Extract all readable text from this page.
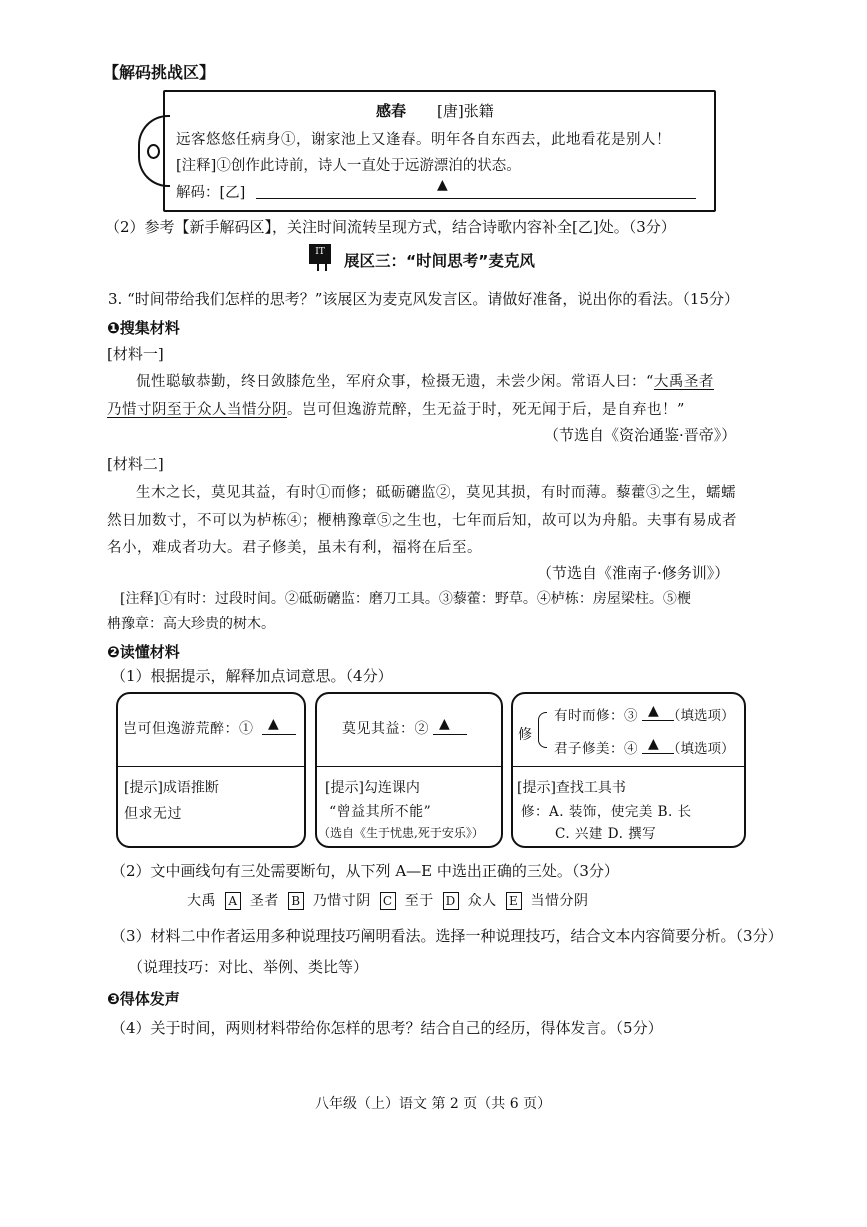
【解码挑战区】
感春 [唐]张籍
远客悠悠任病身①，谢家池上又逢春。明年各自东西去，此地看花是别人！
[注释]①创作此诗前，诗人一直处于远游漂泊的状态。
解码：[乙]	▲
（2）参考【新手解码区】，关注时间流转呈现方式，结合诗歌内容补全[乙]处。（3分）
IT	展区三：“时间思考”麦克风
3. “时间带给我们怎样的思考？”该展区为麦克风发言区。请做好准备，说出你的看法。（15分）
❶搜集材料
[材料一]
侃性聪敏恭勤，终日敛膝危坐，军府众事，检摄无遗，未尝少闲。常语人曰：“大禹圣者
乃惜寸阴至于众人当惜分阴。岂可但逸游荒醉，生无益于时，死无闻于后，是自弃也！”
（节选自《资治通鉴·晋帝》）
[材料二]
生木之长，莫见其益，有时①而修；砥砺礳监②，莫见其损，有时而薄。藜藿③之生，蠕蠕
然日加数寸，不可以为栌栋④；楩柟豫章⑤之生也，七年而后知，故可以为舟船。夫事有易成者
名小，难成者功大。君子修美，虽未有利，福将在后至。
（节选自《淮南子·修务训》）
[注释]①有时：过段时间。②砥砺礳监：磨刀工具。③藜藿：野草。④栌栋：房屋梁柱。⑤楩
柟豫章：高大珍贵的树木。
❷读懂材料
（1）根据提示，解释加点词意思。（4分）
岂可但逸游荒醉：①	▲
[提示]成语推断
但求无过
莫见其益：② ▲
[提示]勾连课内
“曾益其所不能”
（选自《生于忧患,死于安乐》）
修
有时而修：③ ▲ （填选项）
君子修美：④ ▲ （填选项）
[提示]查找工具书
修：A. 装饰，使完美 B. 长
C. 兴建 D. 撰写
（2）文中画线句有三处需要断句，从下列 A—E 中选出正确的三处。（3分）
大禹 A 圣者 B 乃惜寸阴 C 至于 D 众人 E 当惜分阴
（3）材料二中作者运用多种说理技巧阐明看法。选择一种说理技巧，结合文本内容简要分析。（3分）
（说理技巧：对比、举例、类比等）
❸得体发声
（4）关于时间，两则材料带给你怎样的思考？结合自己的经历，得体发言。（5分）
八年级（上）语文 第 2 页（共 6 页）
